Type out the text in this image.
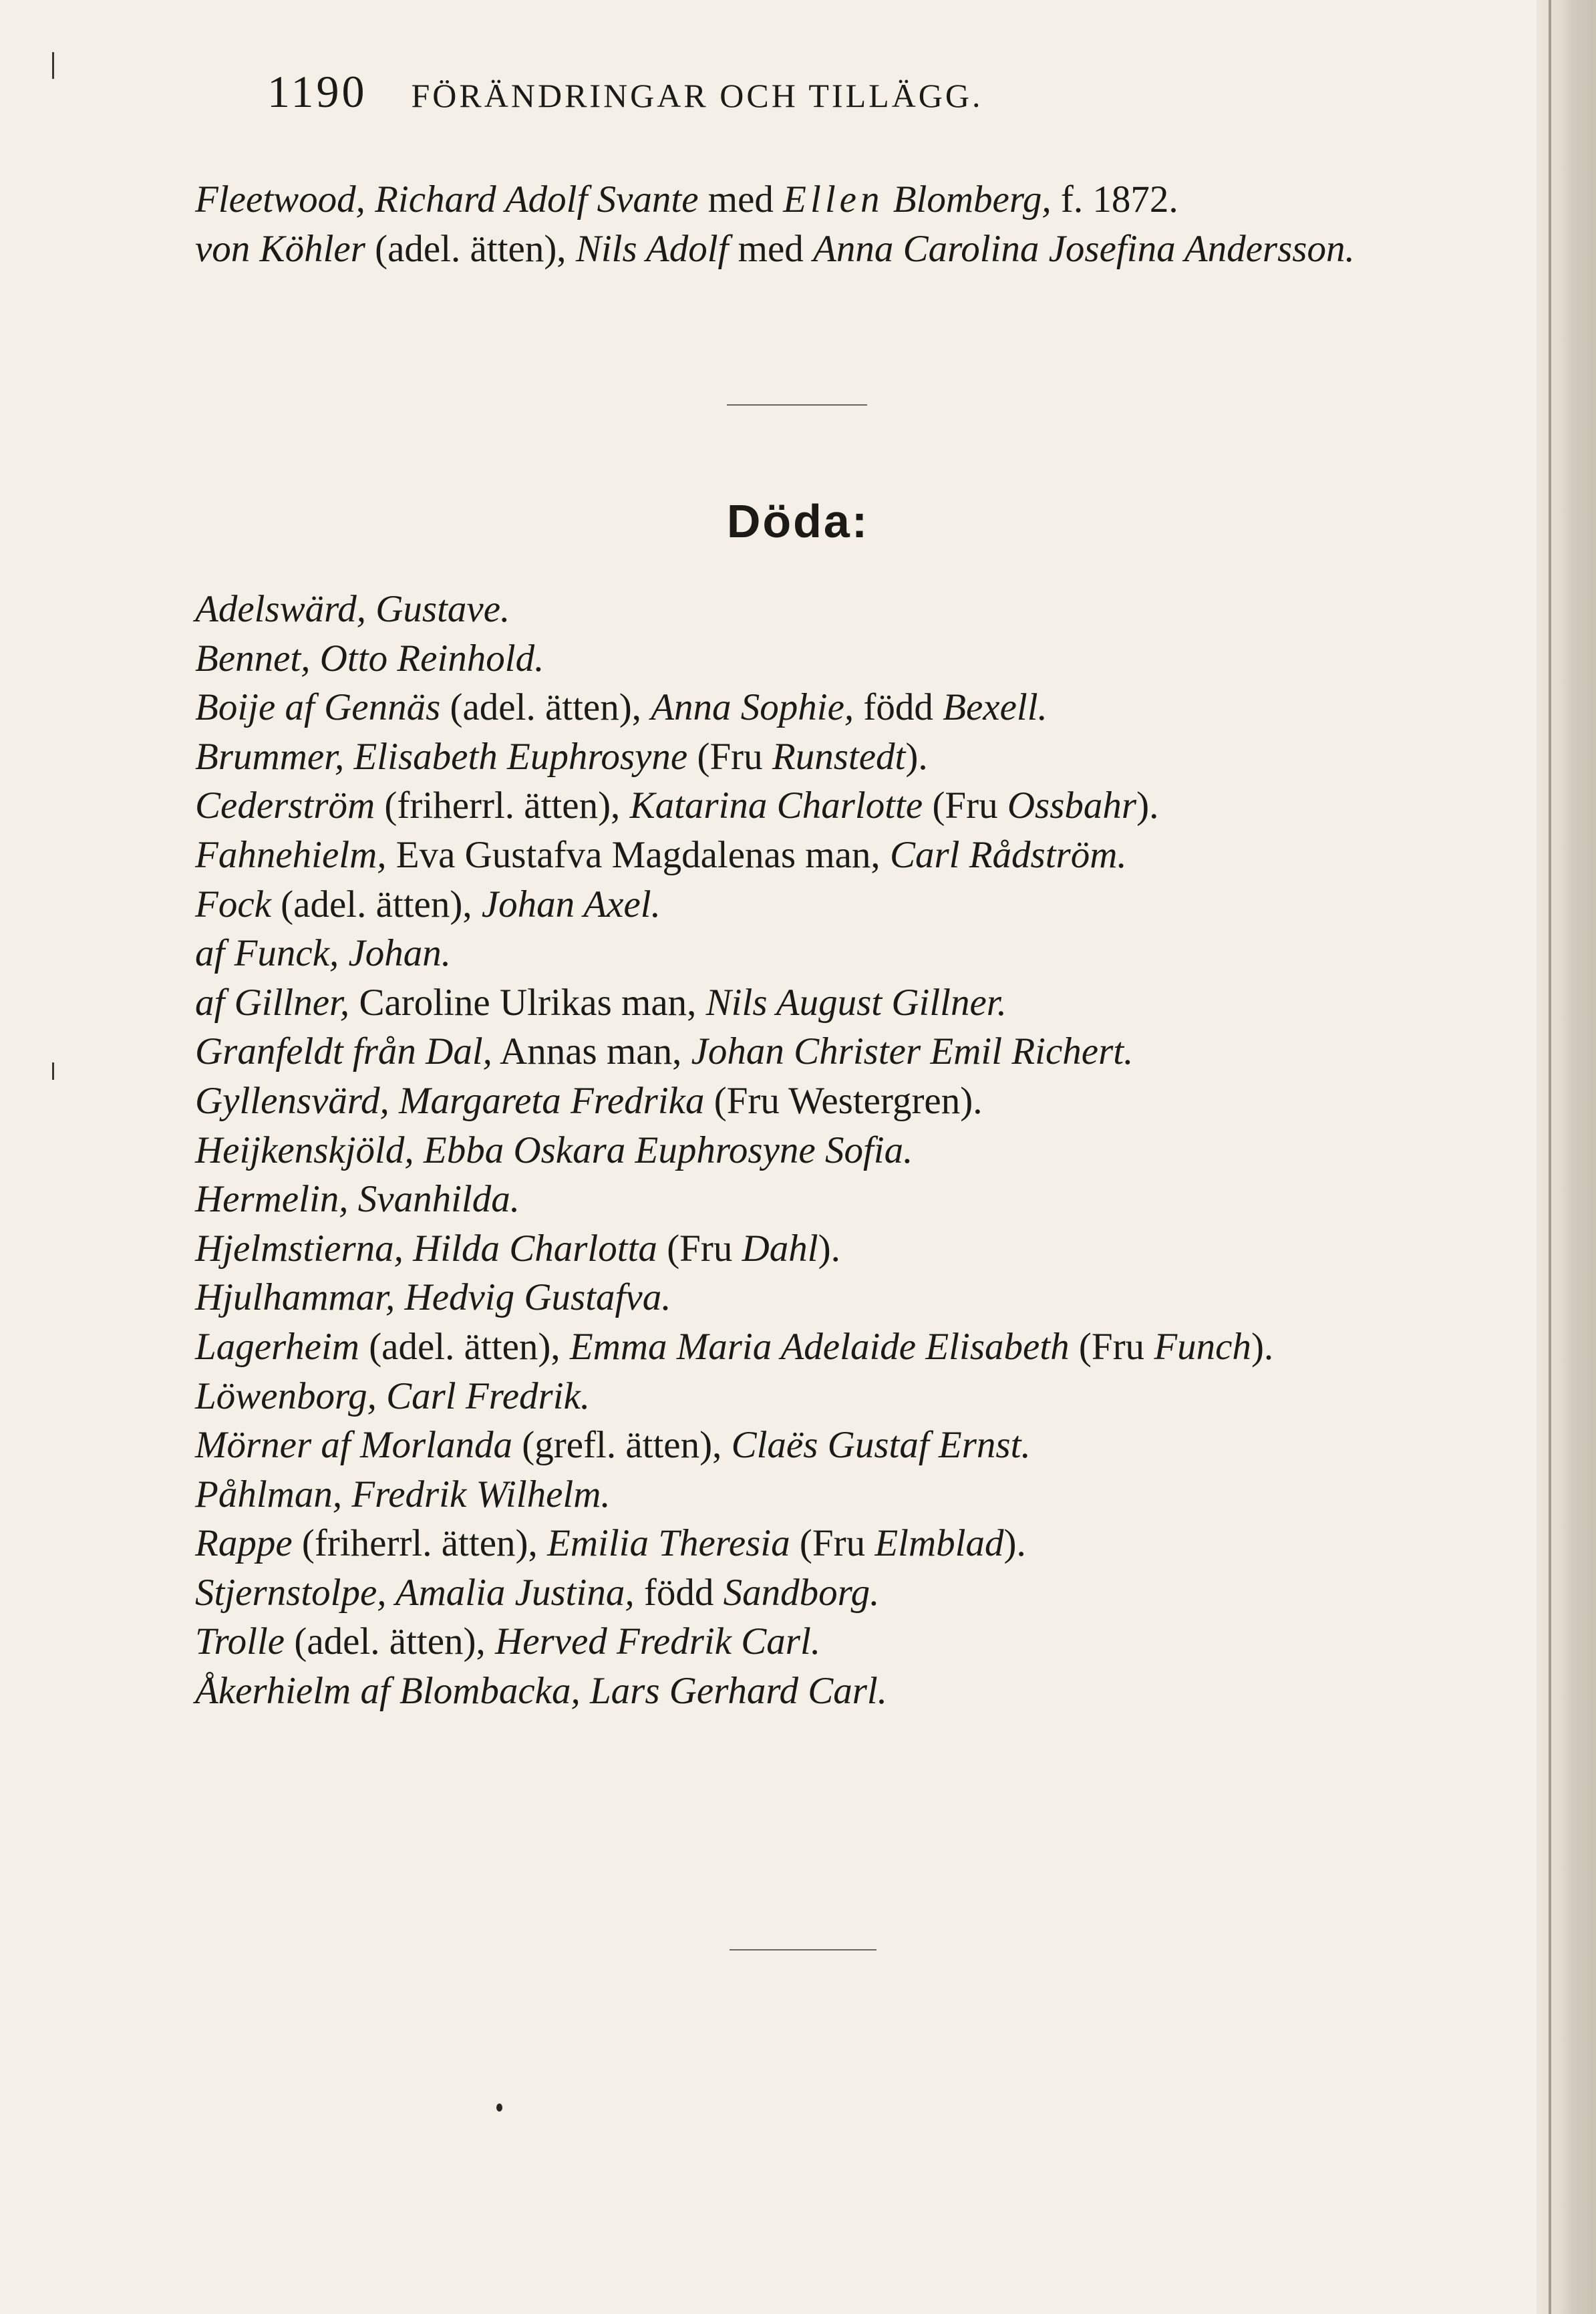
1190 FÖRÄNDRINGAR OCH TILLÄGG.

Fleetwood, Richard Adolf Svante med Ellen Blomberg, f. 1872.

von Köhler (adel. ätten), Nils Adolf med Anna Carolina Josefina Andersson.

Döda:

Adelswärd, Gustave.

Bennet, Otto Reinhold.

Boije af Gennäs (adel. ätten), Anna Sophie, född Bexell.

Brummer, Elisabeth Euphrosyne (Fru Runstedt).

Cederström (friherrl. ätten), Katarina Charlotte (Fru Ossbahr).

Fahnehielm, Eva Gustafva Magdalenas man, Carl Rådström.

Fock (adel. ätten), Johan Axel.

af Funck, Johan.

af Gillner, Caroline Ulrikas man, Nils August Gillner.

Granfeldt från Dal, Annas man, Johan Christer Emil Richert.

Gyllensvärd, Margareta Fredrika (Fru Westergren).

Heijkenskjöld, Ebba Oskara Euphrosyne Sofia.

Hermelin, Svanhilda.

Hjelmstierna, Hilda Charlotta (Fru Dahl).

Hjulhammar, Hedvig Gustafva.

Lagerheim (adel. ätten), Emma Maria Adelaide Elisabeth (Fru Funch).

Löwenborg, Carl Fredrik.

Mörner af Morlanda (grefl. ätten), Claës Gustaf Ernst.

Påhlman, Fredrik Wilhelm.

Rappe (friherrl. ätten), Emilia Theresia (Fru Elmblad).

Stjernstolpe, Amalia Justina, född Sandborg.

Trolle (adel. ätten), Herved Fredrik Carl.

Åkerhielm af Blombacka, Lars Gerhard Carl.
